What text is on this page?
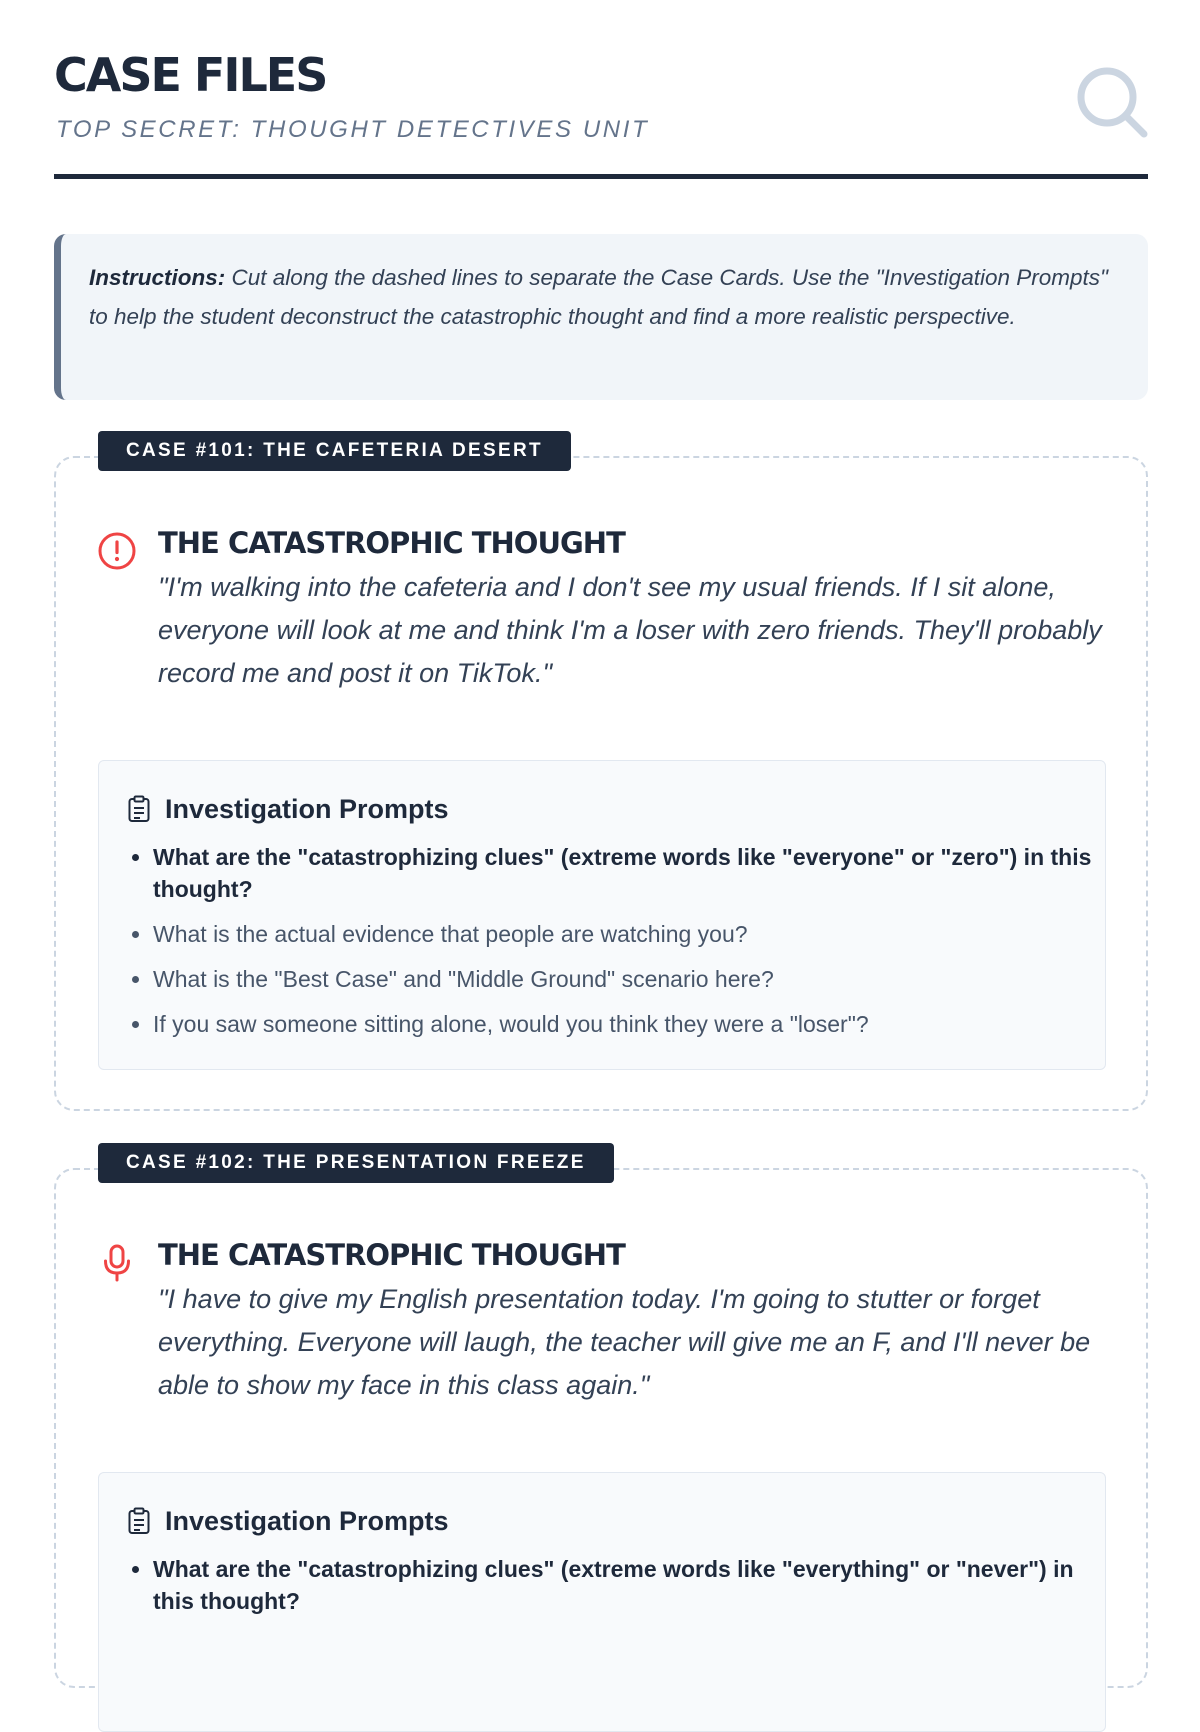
CASE FILES

TOP SECRET: THOUGHT DETECTIVES UNIT

Instructions: Cut along the dashed lines to separate the Case Cards. Use the "Investigation Prompts" to help the student deconstruct the catastrophic thought and find a more realistic perspective.
CASE #101: THE CAFETERIA DESERT
THE CATASTROPHIC THOUGHT

"I'm walking into the cafeteria and I don't see my usual friends. If I sit alone, everyone will look at me and think I'm a loser with zero friends. They'll probably record me and post it on TikTok."

Investigation Prompts
• What are the "catastrophizing clues" (extreme words like "everyone" or "zero") in this thought?
• What is the actual evidence that people are watching you?
• What is the "Best Case" and "Middle Ground" scenario here?
• If you saw someone sitting alone, would you think they were a "loser"?
CASE #102: THE PRESENTATION FREEZE
THE CATASTROPHIC THOUGHT

"I have to give my English presentation today. I'm going to stutter or forget everything. Everyone will laugh, the teacher will give me an F, and I'll never be able to show my face in this class again."

Investigation Prompts
• What are the "catastrophizing clues" (extreme words like "everything" or "never") in this thought?
